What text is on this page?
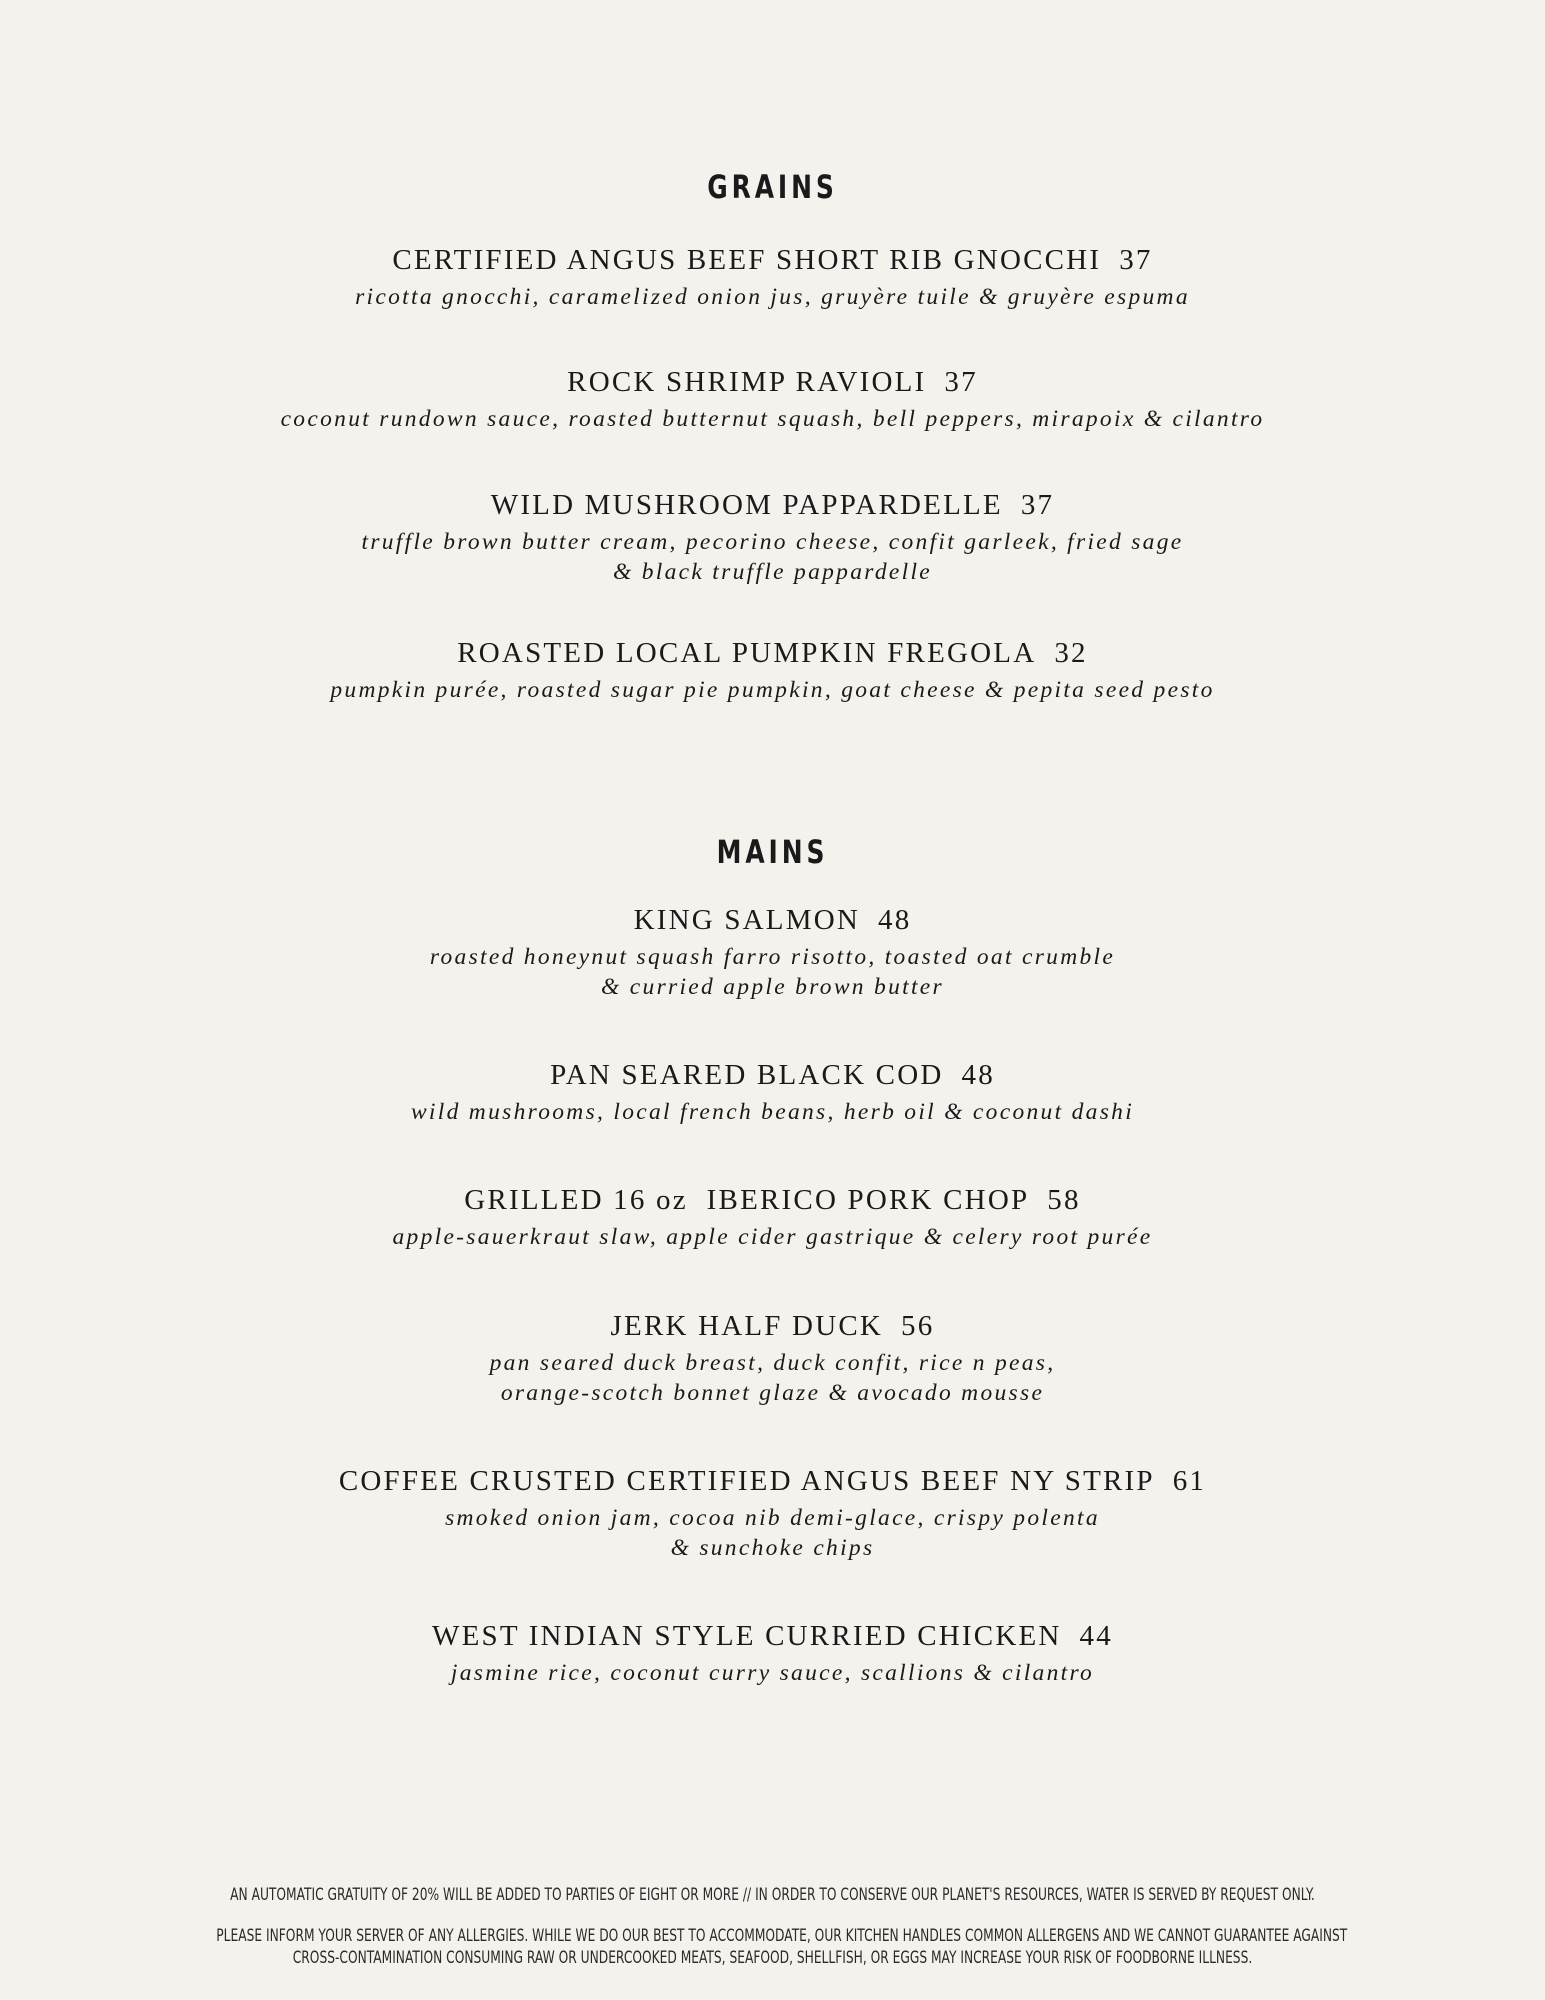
GRAINS
CERTIFIED ANGUS BEEF SHORT RIB GNOCCHI 37
ricotta gnocchi, caramelized onion jus, gruyère tuile & gruyère espuma
ROCK SHRIMP RAVIOLI 37
coconut rundown sauce, roasted butternut squash, bell peppers, mirapoix & cilantro
WILD MUSHROOM PAPPARDELLE 37
truffle brown butter cream, pecorino cheese, confit garleek, fried sage
& black truffle pappardelle
ROASTED LOCAL PUMPKIN FREGOLA 32
pumpkin purée, roasted sugar pie pumpkin, goat cheese & pepita seed pesto
MAINS
KING SALMON 48
roasted honeynut squash farro risotto, toasted oat crumble
& curried apple brown butter
PAN SEARED BLACK COD 48
wild mushrooms, local french beans, herb oil & coconut dashi
GRILLED 16 oz  IBERICO PORK CHOP 58
apple-sauerkraut slaw, apple cider gastrique & celery root purée
JERK HALF DUCK 56
pan seared duck breast, duck confit, rice n peas,
orange-scotch bonnet glaze & avocado mousse
COFFEE CRUSTED CERTIFIED ANGUS BEEF NY STRIP 61
smoked onion jam, cocoa nib demi-glace, crispy polenta
& sunchoke chips
WEST INDIAN STYLE CURRIED CHICKEN 44
jasmine rice, coconut curry sauce, scallions & cilantro
AN AUTOMATIC GRATUITY OF 20% WILL BE ADDED TO PARTIES OF EIGHT OR MORE // IN ORDER TO CONSERVE OUR PLANET'S RESOURCES, WATER IS SERVED BY REQUEST ONLY.
PLEASE INFORM YOUR SERVER OF ANY ALLERGIES. WHILE WE DO OUR BEST TO ACCOMMODATE, OUR KITCHEN HANDLES COMMON ALLERGENS AND WE CANNOT GUARANTEE AGAINST
CROSS-CONTAMINATION CONSUMING RAW OR UNDERCOOKED MEATS, SEAFOOD, SHELLFISH, OR EGGS MAY INCREASE YOUR RISK OF FOODBORNE ILLNESS.
